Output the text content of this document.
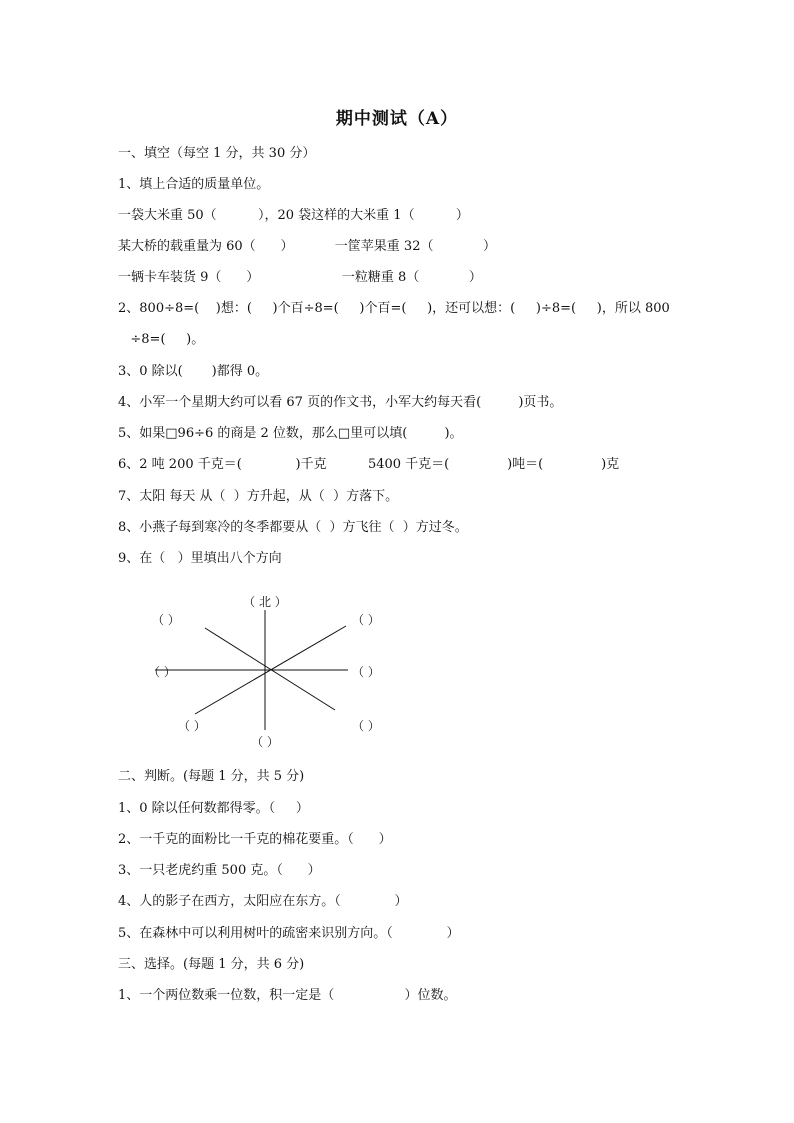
期中测试（A）
一、填空（每空 1 分，共 30 分）
1、填上合适的质量单位。
一袋大米重 50（          ），20 袋这样的大米重 1（          ）
某大桥的载重量为 60（      ）          一筐苹果重 32（            ）
一辆卡车装货 9（      ）                    一粒糖重 8（            ）
2、800÷8=(    )想：(     )个百÷8=(     )个百=(     )，还可以想：(     )÷8=(     )，所以 800
÷8=(     )。
3、0 除以(       )都得 0。
4、小军一个星期大约可以看 67 页的作文书，小军大约每天看(         )页书。
5、如果□96÷6 的商是 2 位数，那么□里可以填(         )。
6、2 吨 200 千克＝(             )千克          5400 千克＝(              )吨＝(              )克
7、太阳 每天 从（  ）方升起，从（  ）方落下。
8、小燕子每到寒冷的冬季都要从（  ）方飞往（  ）方过冬。
9、在（   ）里填出八个方向
（ 北 ）
（ ）	（ ）
（ ）	（ ）
（ ）	（ ）
（ ）
二、判断。(每题 1 分，共 5 分)
1、0 除以任何数都得零。（     ）
2、一千克的面粉比一千克的棉花要重。（      ）
3、一只老虎约重 500 克。（      ）
4、人的影子在西方，太阳应在东方。（             ）
5、在森林中可以利用树叶的疏密来识别方向。（             ）
三、选择。(每题 1 分，共 6 分)
1、一个两位数乘一位数，积一定是（                 ）位数。
